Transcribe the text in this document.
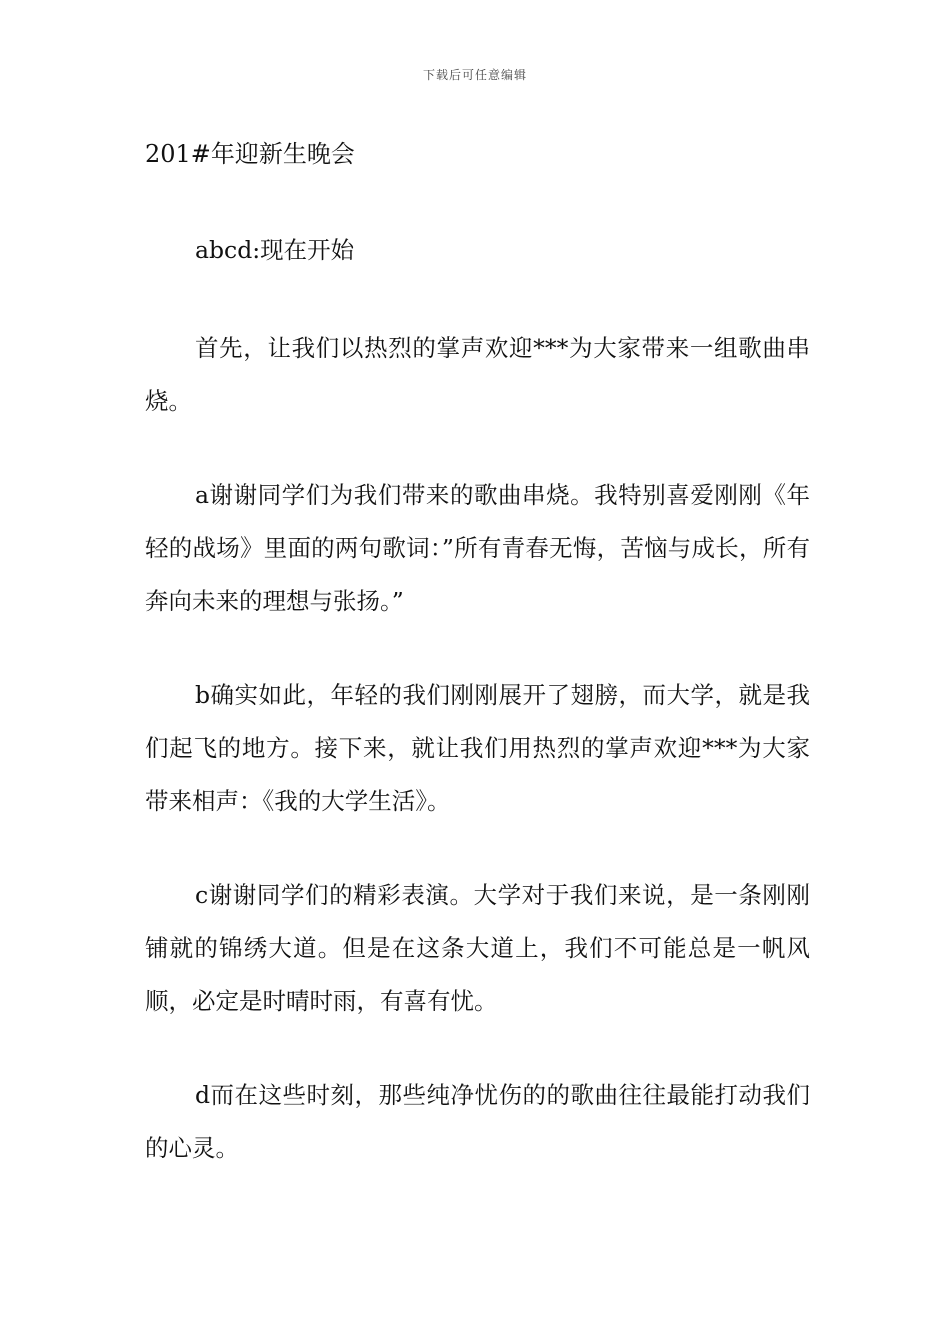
下载后可任意编辑
201#年迎新生晚会

abcd:现在开始

首先，让我们以热烈的掌声欢迎***为大家带来一组歌曲串烧。

a谢谢同学们为我们带来的歌曲串烧。我特别喜爱刚刚《年轻的战场》里面的两句歌词：”所有青春无悔，苦恼与成长，所有奔向未来的理想与张扬。”

b确实如此，年轻的我们刚刚展开了翅膀，而大学，就是我们起飞的地方。接下来，就让我们用热烈的掌声欢迎***为大家带来相声：《我的大学生活》。

c谢谢同学们的精彩表演。大学对于我们来说，是一条刚刚铺就的锦绣大道。但是在这条大道上，我们不可能总是一帆风顺，必定是时晴时雨，有喜有忧。

d而在这些时刻，那些纯净忧伤的的歌曲往往最能打动我们的心灵。
